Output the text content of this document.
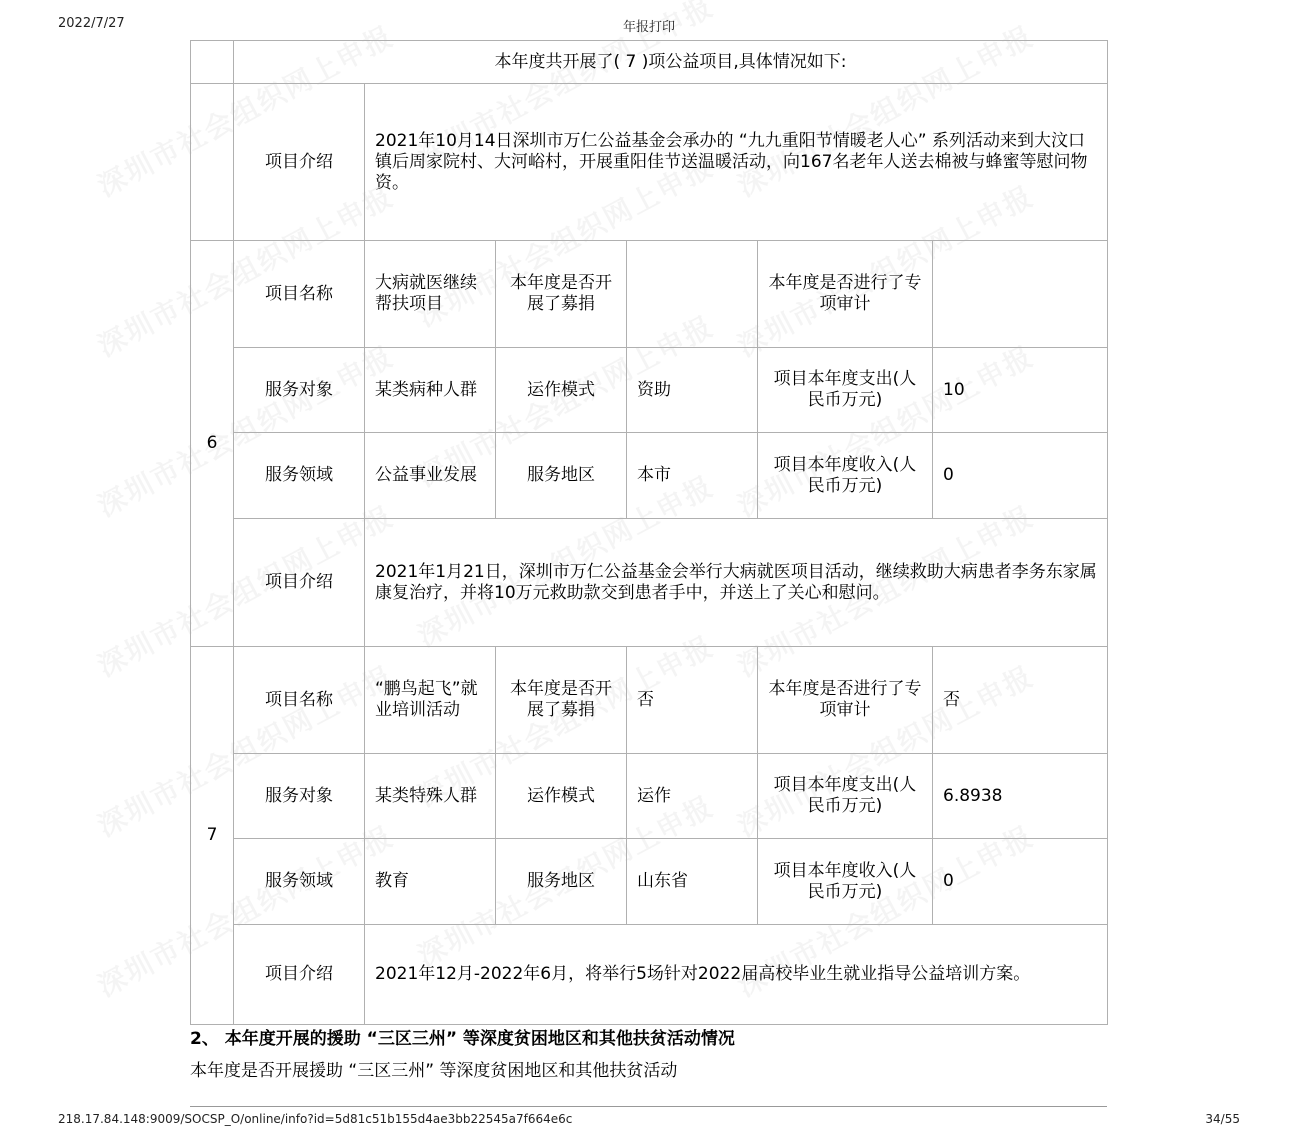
2022/7/27	年报打印
	本年度共开展了( 7 )项公益项目,具体情况如下:					
	项目介绍	2021年10月14日深圳市万仁公益基金会承办的 “九九重阳节情暖老人心” 系列活动来到大汶口镇后周家院村、大河峪村，开展重阳佳节送温暖活动，向167名老年人送去棉被与蜂蜜等慰问物资。				
6	项目名称	大病就医继续帮扶项目	本年度是否开展了募捐		本年度是否进行了专项审计	
	服务对象	某类病种人群	运作模式	资助	项目本年度支出(人民币万元)	10
	服务领域	公益事业发展	服务地区	本市	项目本年度收入(人民币万元)	0
	项目介绍	2021年1月21日，深圳市万仁公益基金会举行大病就医项目活动，继续救助大病患者李务东家属康复治疗，并将10万元救助款交到患者手中，并送上了关心和慰问。				
7	项目名称	“鹏鸟起飞”就业培训活动	本年度是否开展了募捐	否	本年度是否进行了专项审计	否
	服务对象	某类特殊人群	运作模式	运作	项目本年度支出(人民币万元)	6.8938
	服务领域	教育	服务地区	山东省	项目本年度收入(人民币万元)	0
	项目介绍	2021年12月-2022年6月，将举行5场针对2022届高校毕业生就业指导公益培训方案。				
2、 本年度开展的援助 “三区三州” 等深度贫困地区和其他扶贫活动情况
本年度是否开展援助 “三区三州” 等深度贫困地区和其他扶贫活动
218.17.84.148:9009/SOCSP_O/online/info?id=5d81c51b155d4ae3bb22545a7f664e6c	34/55
